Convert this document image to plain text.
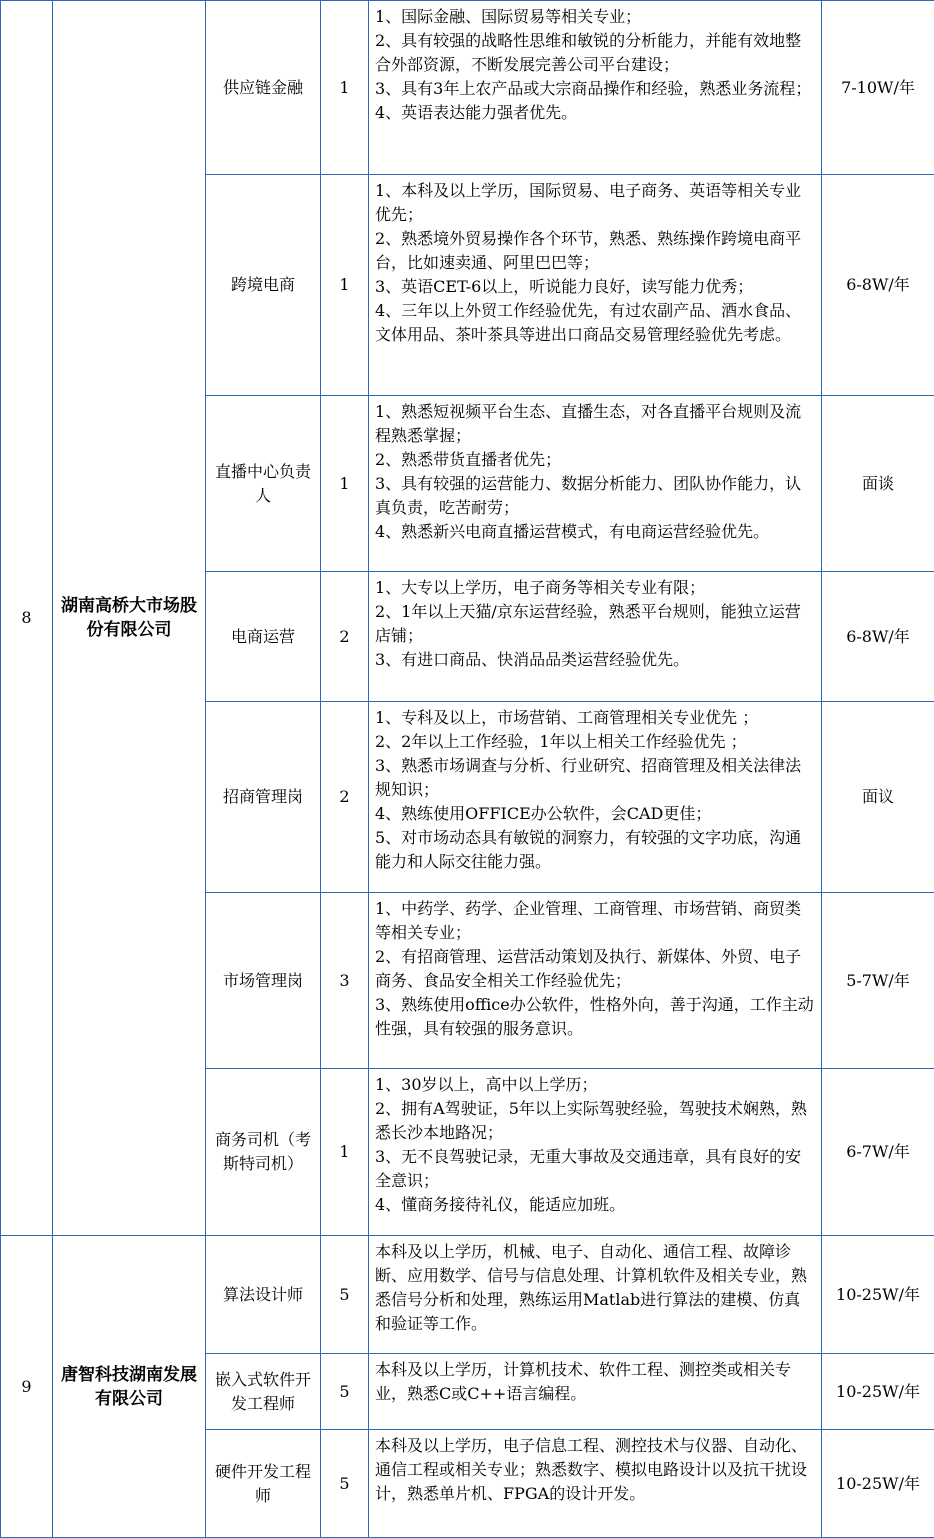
8	湖南高桥大市场股份有限公司	供应链金融	1	1、国际金融、国际贸易等相关专业；
2、具有较强的战略性思维和敏锐的分析能力，并能有效地整合外部资源，不断发展完善公司平台建设；
3、具有3年上农产品或大宗商品操作和经验，熟悉业务流程；
4、英语表达能力强者优先。	7-10W/年
		跨境电商	1	1、本科及以上学历，国际贸易、电子商务、英语等相关专业优先；
2、熟悉境外贸易操作各个环节，熟悉、熟练操作跨境电商平台，比如速卖通、阿里巴巴等；
3、英语CET-6以上，听说能力良好，读写能力优秀；
4、三年以上外贸工作经验优先，有过农副产品、酒水食品、文体用品、茶叶茶具等进出口商品交易管理经验优先考虑。	6-8W/年
		直播中心负责人	1	1、熟悉短视频平台生态、直播生态，对各直播平台规则及流程熟悉掌握；
2、熟悉带货直播者优先；
3、具有较强的运营能力、数据分析能力、团队协作能力，认真负责，吃苦耐劳；
4、熟悉新兴电商直播运营模式，有电商运营经验优先。	面谈
		电商运营	2	1、大专以上学历，电子商务等相关专业有限；
2、1年以上天猫/京东运营经验，熟悉平台规则，能独立运营店铺；
3、有进口商品、快消品品类运营经验优先。	6-8W/年
		招商管理岗	2	1、专科及以上，市场营销、工商管理相关专业优先 ；
2、2年以上工作经验，1年以上相关工作经验优先 ；
3、熟悉市场调查与分析、行业研究、招商管理及相关法律法规知识；
4、熟练使用OFFICE办公软件，会CAD更佳；
5、对市场动态具有敏锐的洞察力，有较强的文字功底，沟通能力和人际交往能力强。	面议
		市场管理岗	3	1、中药学、药学、企业管理、工商管理、市场营销、商贸类等相关专业；
2、有招商管理、运营活动策划及执行、新媒体、外贸、电子商务、食品安全相关工作经验优先；
3、熟练使用office办公软件，性格外向，善于沟通，工作主动性强，具有较强的服务意识。	5-7W/年
		商务司机（考斯特司机）	1	1、30岁以上，高中以上学历；
2、拥有A驾驶证，5年以上实际驾驶经验，驾驶技术娴熟，熟悉长沙本地路况；
3、无不良驾驶记录，无重大事故及交通违章，具有良好的安全意识；
4、懂商务接待礼仪，能适应加班。	6-7W/年
9	唐智科技湖南发展有限公司	算法设计师	5	本科及以上学历，机械、电子、自动化、通信工程、故障诊断、应用数学、信号与信息处理、计算机软件及相关专业，熟悉信号分析和处理，熟练运用Matlab进行算法的建模、仿真和验证等工作。	10-25W/年
		嵌入式软件开发工程师	5	本科及以上学历，计算机技术、软件工程、测控类或相关专业，熟悉C或C++语言编程。	10-25W/年
		硬件开发工程师	5	本科及以上学历，电子信息工程、测控技术与仪器、自动化、通信工程或相关专业；熟悉数字、模拟电路设计以及抗干扰设计，熟悉单片机、FPGA的设计开发。	10-25W/年
